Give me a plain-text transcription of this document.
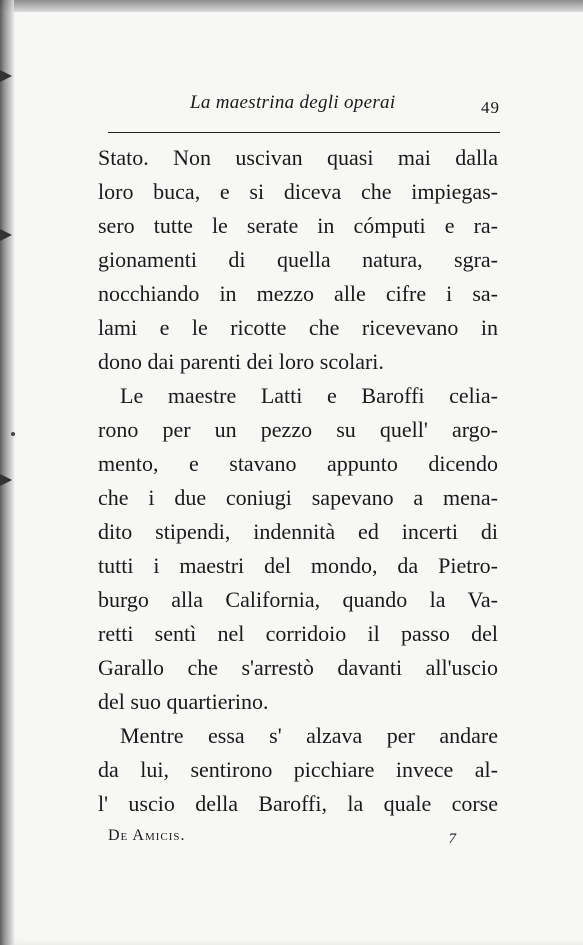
La maestrina degli operai	49
Stato. Non uscivan quasi mai dalla
loro buca, e si diceva che impiegas-
sero tutte le serate in cómputi e ra-
gionamenti di quella natura, sgra-
nocchiando in mezzo alle cifre i sa-
lami e le ricotte che ricevevano in
dono dai parenti dei loro scolari.
Le maestre Latti e Baroffi celia-
rono per un pezzo su quell' argo-
mento, e stavano appunto dicendo
che i due coniugi sapevano a mena-
dito stipendi, indennità ed incerti di
tutti i maestri del mondo, da Pietro-
burgo alla California, quando la Va-
retti sentì nel corridoio il passo del
Garallo che s'arrestò davanti all'uscio
del suo quartierino.
Mentre essa s' alzava per andare
da lui, sentirono picchiare invece al-
l' uscio della Baroffi, la quale corse
De Amicis.	7
